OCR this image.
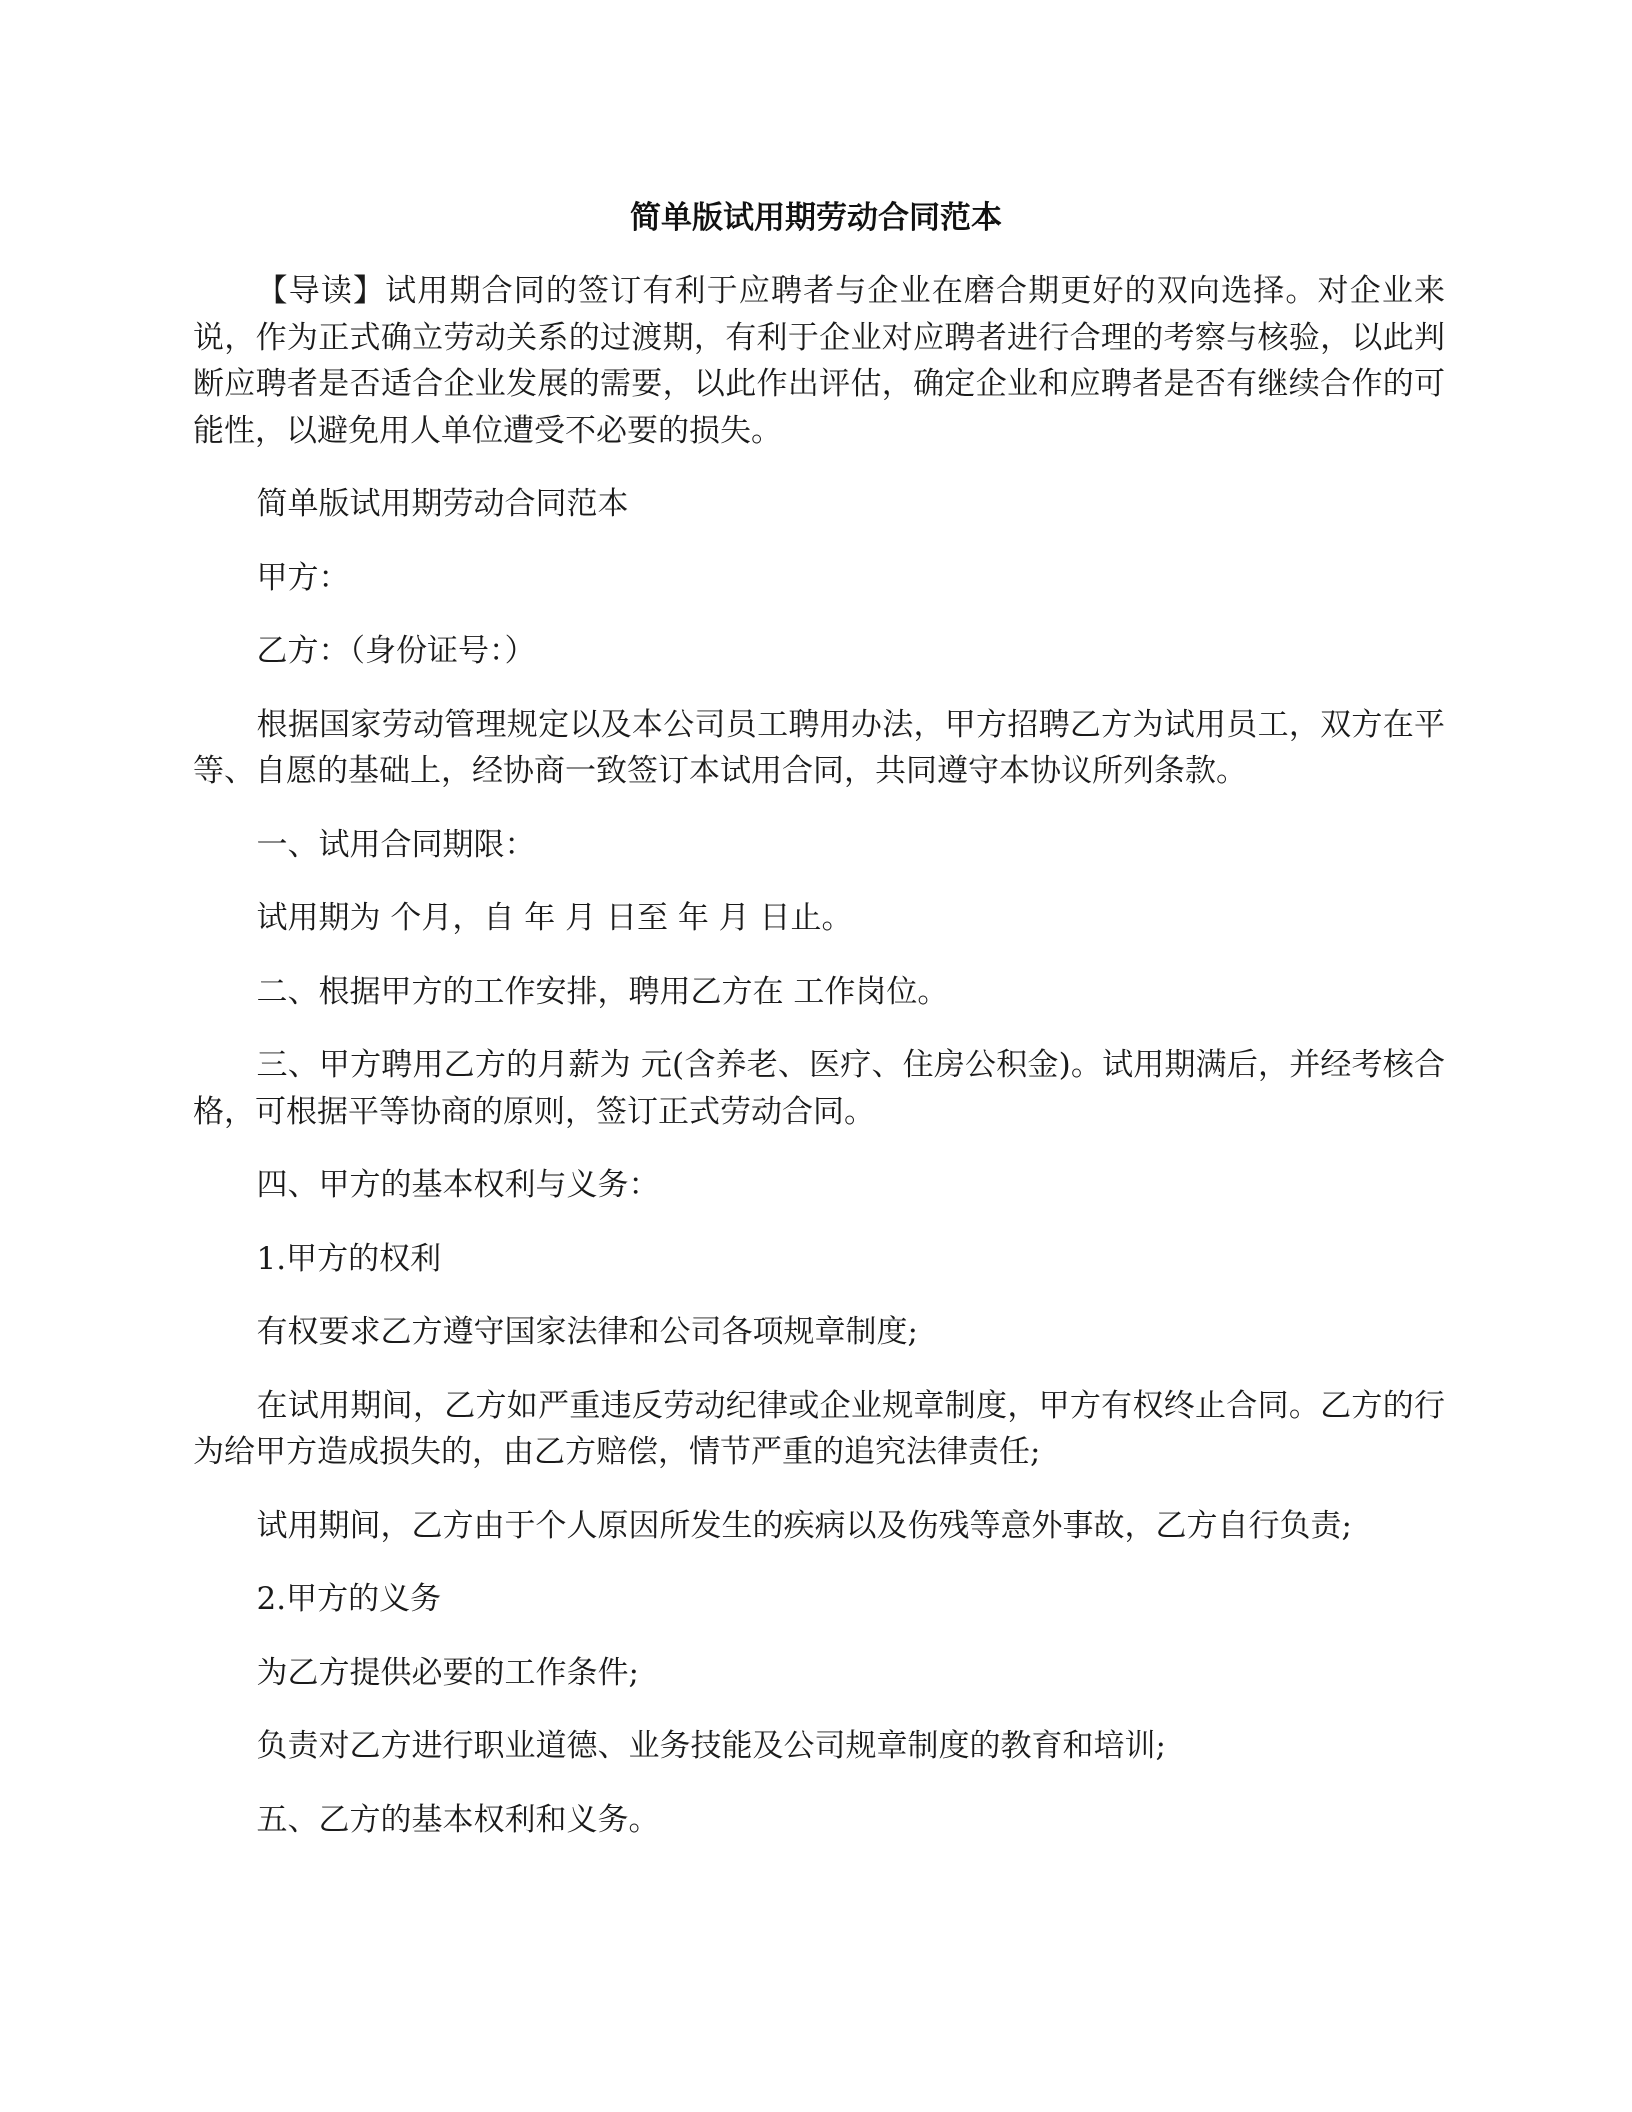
简单版试用期劳动合同范本

【导读】试用期合同的签订有利于应聘者与企业在磨合期更好的双向选择。对企业来说，作为正式确立劳动关系的过渡期，有利于企业对应聘者进行合理的考察与核验，以此判断应聘者是否适合企业发展的需要，以此作出评估，确定企业和应聘者是否有继续合作的可能性，以避免用人单位遭受不必要的损失。

简单版试用期劳动合同范本

甲方：

乙方：（身份证号：）

根据国家劳动管理规定以及本公司员工聘用办法，甲方招聘乙方为试用员工，双方在平等、自愿的基础上，经协商一致签订本试用合同，共同遵守本协议所列条款。

一、试用合同期限：

试用期为 个月，自 年 月 日至 年 月 日止。

二、根据甲方的工作安排，聘用乙方在 工作岗位。

三、甲方聘用乙方的月薪为 元(含养老、医疗、住房公积金)。试用期满后，并经考核合格，可根据平等协商的原则，签订正式劳动合同。

四、甲方的基本权利与义务：

1.甲方的权利

有权要求乙方遵守国家法律和公司各项规章制度;

在试用期间，乙方如严重违反劳动纪律或企业规章制度，甲方有权终止合同。乙方的行为给甲方造成损失的，由乙方赔偿，情节严重的追究法律责任;

试用期间，乙方由于个人原因所发生的疾病以及伤残等意外事故，乙方自行负责;

2.甲方的义务

为乙方提供必要的工作条件;

负责对乙方进行职业道德、业务技能及公司规章制度的教育和培训;

五、乙方的基本权利和义务。
